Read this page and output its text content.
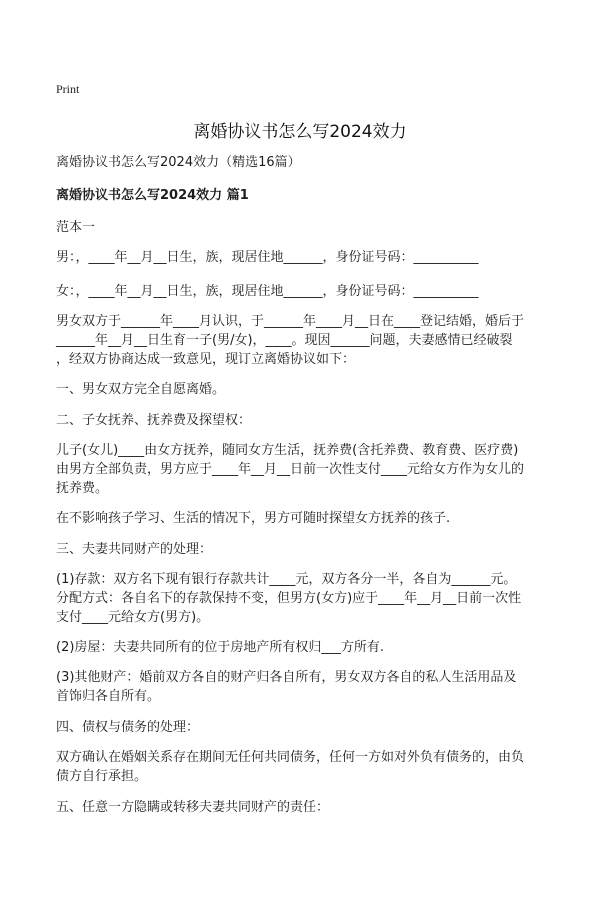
Print
离婚协议书怎么写2024效力

离婚协议书怎么写2024效力（精选16篇）

离婚协议书怎么写2024效力 篇1

范本一

男：，____年__月__日生，族，现居住地______，身份证号码：__________

女：，____年__月__日生，族，现居住地______，身份证号码：__________

男女双方于______年____月认识，于______年____月__日在____登记结婚，婚后于

______年__月__日生育一子(男/女)，____。现因______问题，夫妻感情已经破裂

，经双方协商达成一致意见，现订立离婚协议如下：

一、男女双方完全自愿离婚。

二、子女抚养、抚养费及探望权：

儿子(女儿)____由女方抚养，随同女方生活，抚养费(含托养费、教育费、医疗费)

由男方全部负责，男方应于____年__月__日前一次性支付____元给女方作为女儿的

抚养费。

在不影响孩子学习、生活的情况下，男方可随时探望女方抚养的孩子.

三、夫妻共同财产的处理：

(1)存款：双方名下现有银行存款共计____元，双方各分一半，各自为______元。

分配方式：各自名下的存款保持不变，但男方(女方)应于____年__月__日前一次性

支付____元给女方(男方)。

(2)房屋：夫妻共同所有的位于房地产所有权归___方所有.

(3)其他财产：婚前双方各自的财产归各自所有，男女双方各自的私人生活用品及

首饰归各自所有。

四、债权与债务的处理：

双方确认在婚姻关系存在期间无任何共同债务，任何一方如对外负有债务的，由负

债方自行承担。

五、任意一方隐瞒或转移夫妻共同财产的责任：
